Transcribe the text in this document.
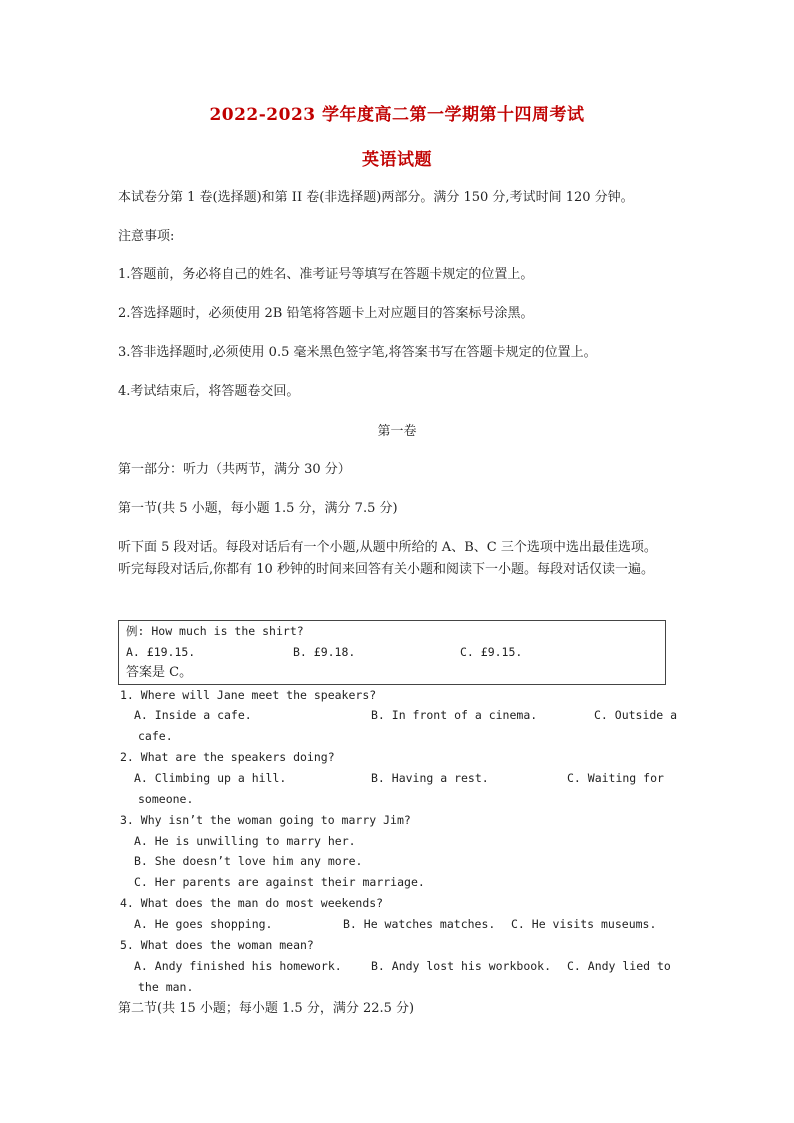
2022-2023 学年度高二第一学期第十四周考试
英语试题
本试卷分第 1 卷(选择题)和第 II 卷(非选择题)两部分。满分 150 分,考试时间 120 分钟。
注意事项:
1.答题前，务必将自己的姓名、准考证号等填写在答题卡规定的位置上。
2.答选择题时，必须使用 2B 铅笔将答题卡上对应题目的答案标号涂黑。
3.答非选择题时,必须使用 0.5 毫米黑色签字笔,将答案书写在答题卡规定的位置上。
4.考试结束后，将答题卷交回。
第一卷
第一部分：听力（共两节，满分 30 分）
第一节(共 5 小题，每小题 1.5 分，满分 7.5 分)
听下面 5 段对话。每段对话后有一个小题,从题中所给的 A、B、C 三个选项中选出最佳选项。
听完每段对话后,你都有 10 秒钟的时间来回答有关小题和阅读下一小题。每段对话仅读一遍。
例: How much is the shirt?
A. £19.15.	B. £9.18.	C. £9.15.
答案是 C。
1. Where will Jane meet the speakers?
A. Inside a cafe.	B. In front of a cinema.	C. Outside a
cafe.
2. What are the speakers doing?
A. Climbing up a hill.	B. Having a rest.	C. Waiting for
someone.
3. Why isn’t the woman going to marry Jim?
A. He is unwilling to marry her.
B. She doesn’t love him any more.
C. Her parents are against their marriage.
4. What does the man do most weekends?
A. He goes shopping.	B. He watches matches. C. He visits museums.
5. What does the woman mean?
A. Andy finished his homework.	B. Andy lost his workbook. C. Andy lied to
the man.
第二节(共 15 小题；每小题 1.5 分，满分 22.5 分)
